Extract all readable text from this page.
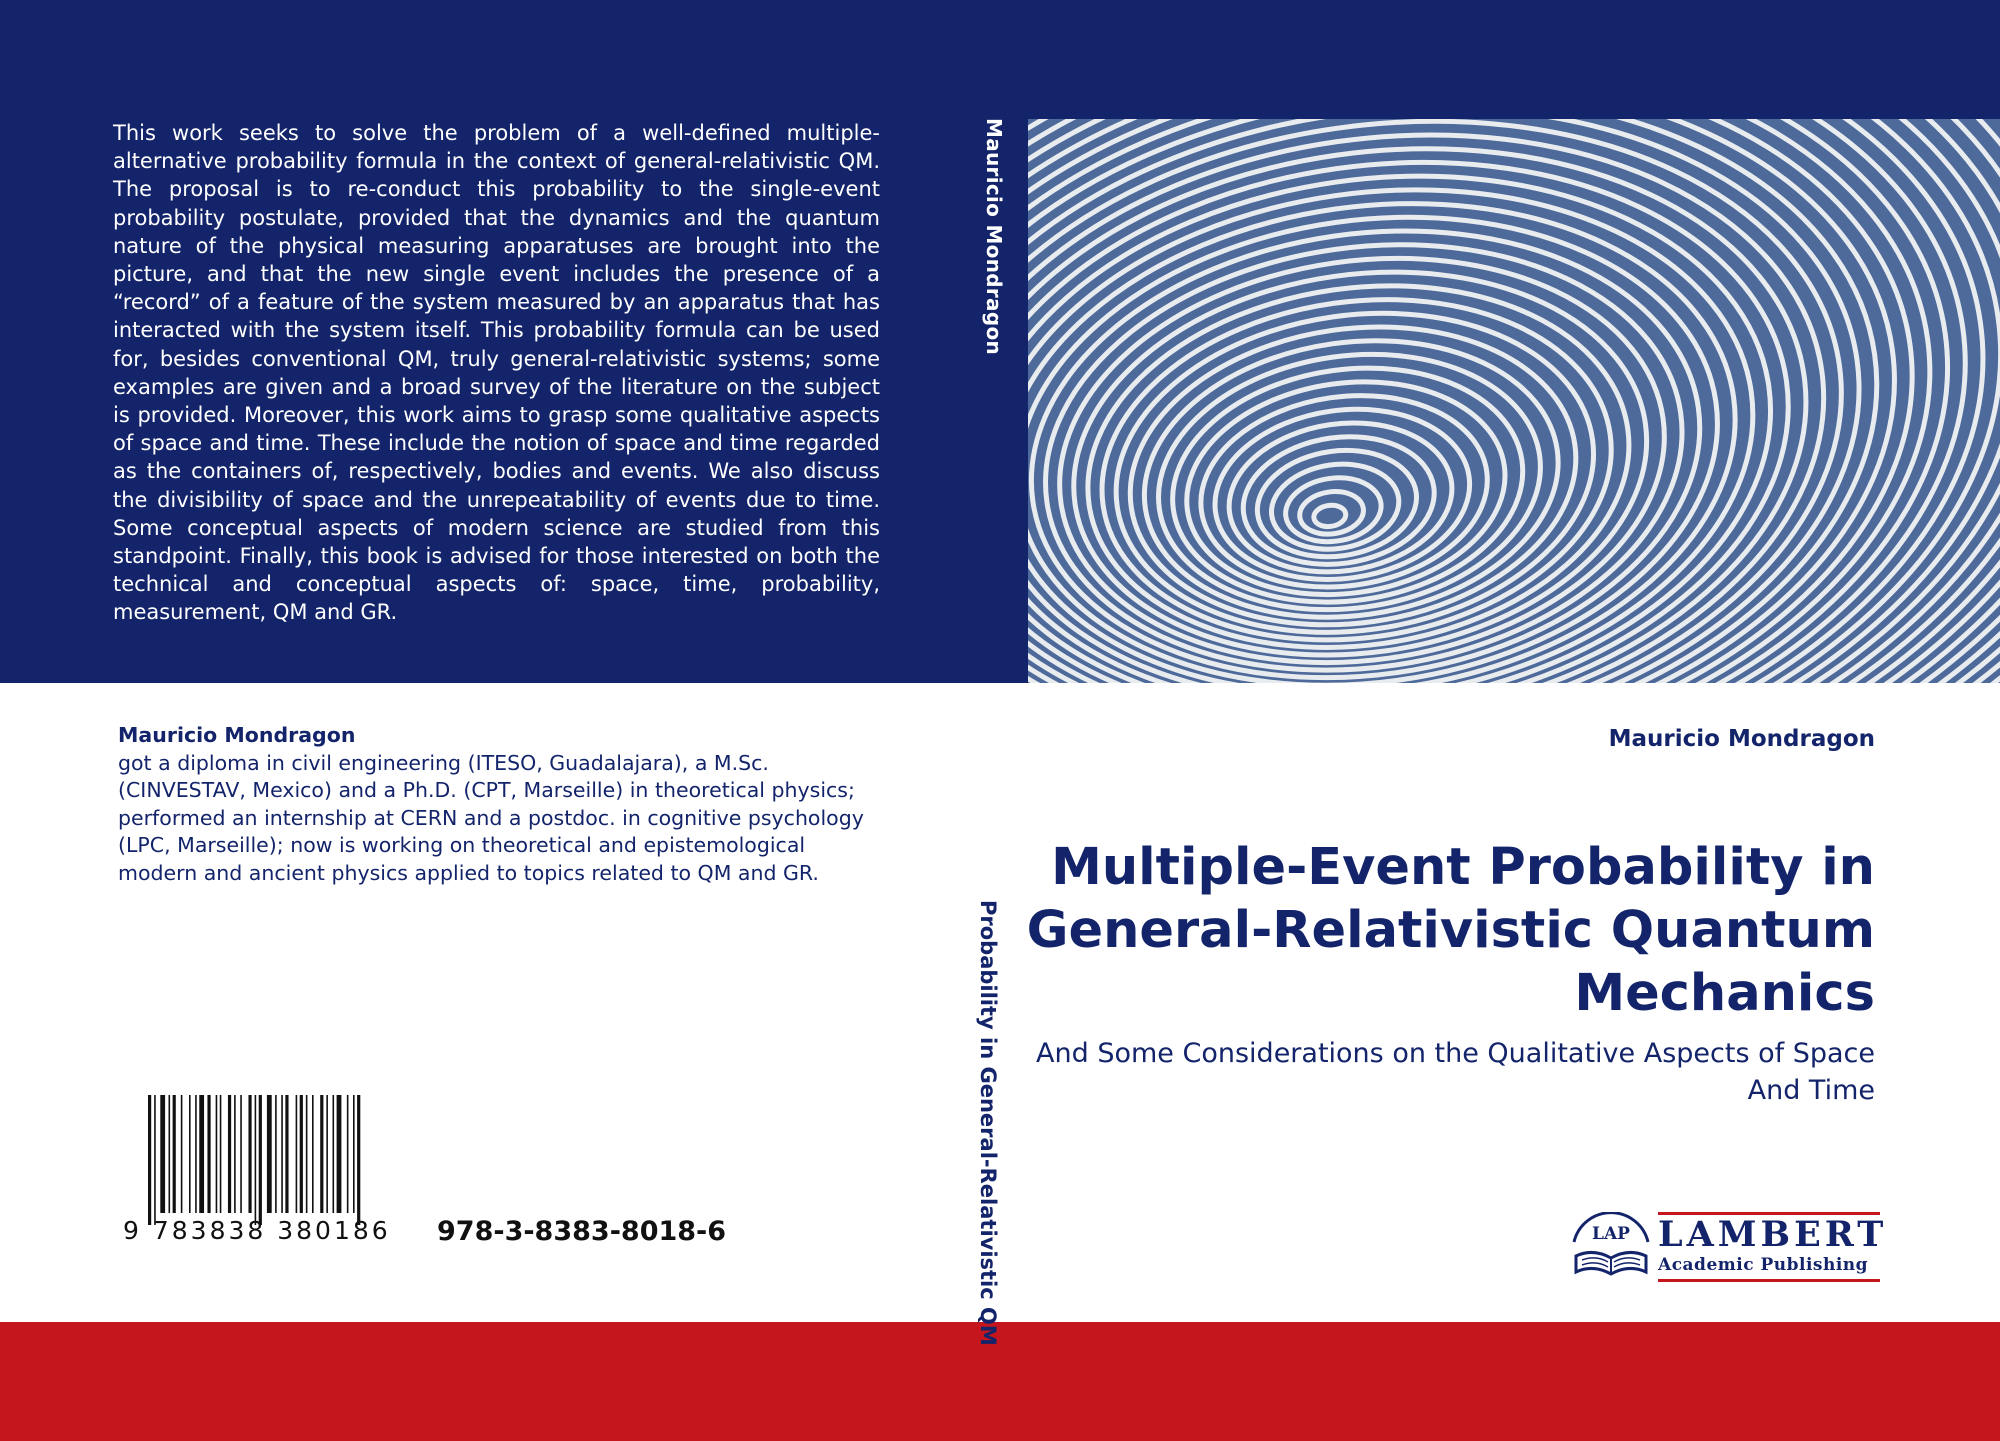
This work seeks to solve the problem of a well-defined multiple-alternative probability formula in the context of general-relativistic QM. The proposal is to re-conduct this probability to the single-event probability postulate, provided that the dynamics and the quantum nature of the physical measuring apparatuses are brought into the picture, and that the new single event includes the presence of a “record” of a feature of the system measured by an apparatus that has interacted with the system itself. This probability formula can be used for, besides conventional QM, truly general-relativistic systems; some examples are given and a broad survey of the literature on the subject is provided. Moreover, this work aims to grasp some qualitative aspects of space and time. These include the notion of space and time regarded as the containers of, respectively, bodies and events. We also discuss the divisibility of space and the unrepeatability of events due to time. Some conceptual aspects of modern science are studied from this standpoint. Finally, this book is advised for those interested on both the technical and conceptual aspects of: space, time, probability, measurement, QM and GR.

Mauricio Mondragon
Probability in General-Relativistic QM
Mauricio Mondragon
got a diploma in civil engineering (ITESO, Guadalajara), a M.Sc. (CINVESTAV, Mexico) and a Ph.D. (CPT, Marseille) in theoretical physics; performed an internship at CERN and a postdoc. in cognitive psychology (LPC, Marseille); now is working on theoretical and epistemological modern and ancient physics applied to topics related to QM and GR.
9 783838 380186 978-3-8383-8018-6
Mauricio Mondragon
Multiple-Event Probability in General-Relativistic Quantum Mechanics

And Some Considerations on the Qualitative Aspects of Space And Time

LAP LAMBERT
Academic Publishing
